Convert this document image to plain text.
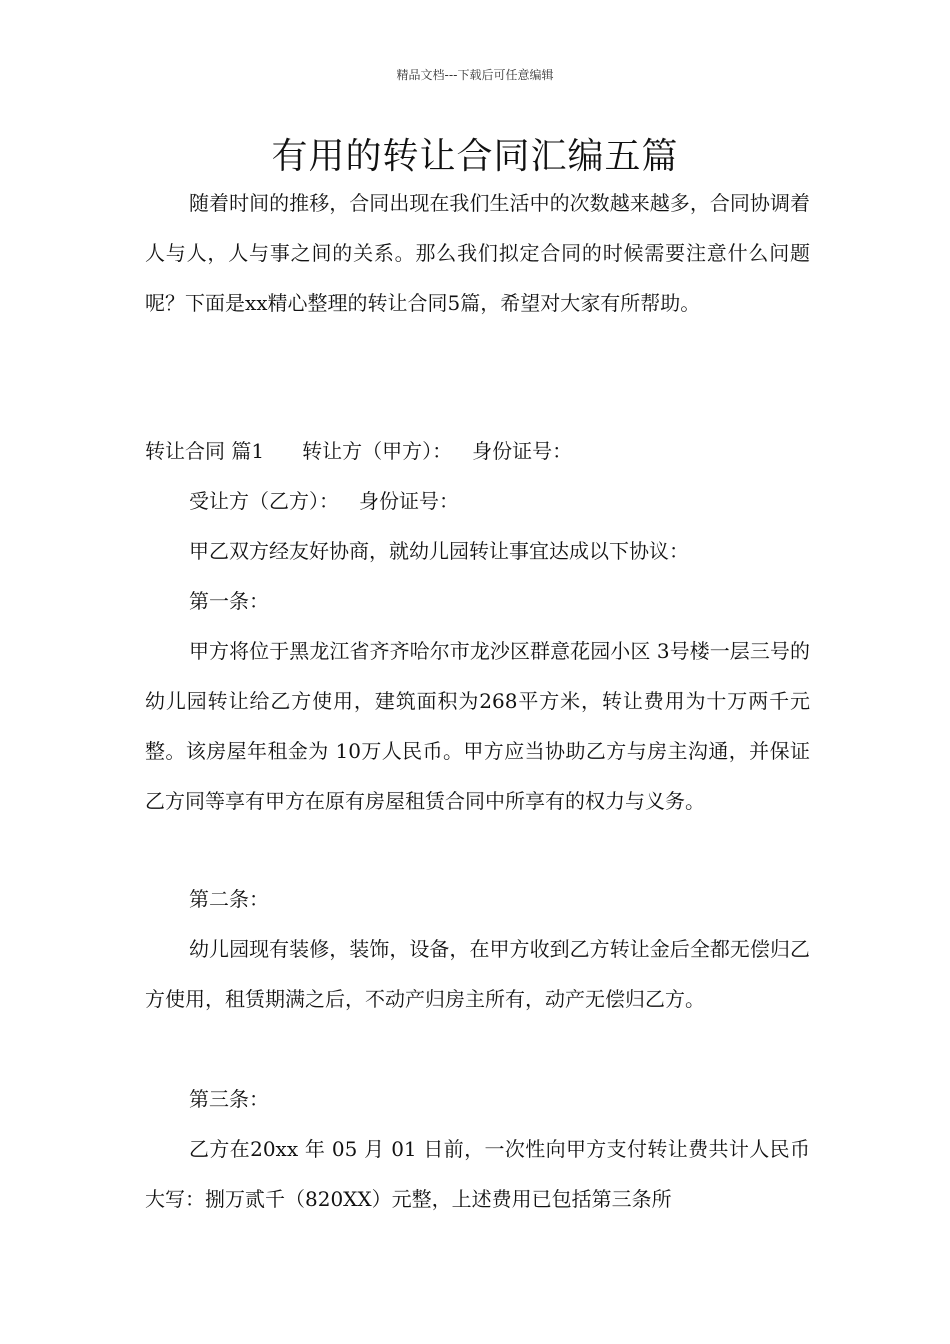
精品文档---下载后可任意编辑
有用的转让合同汇编五篇

随着时间的推移，合同出现在我们生活中的次数越来越多，合同协调着人与人，人与事之间的关系。那么我们拟定合同的时候需要注意什么问题呢？下面是xx精心整理的转让合同5篇，希望对大家有所帮助。

转让合同 篇1 转让方（甲方）： 身份证号：
受让方（乙方）： 身份证号：
甲乙双方经友好协商，就幼儿园转让事宜达成以下协议：
第一条：

甲方将位于黑龙江省齐齐哈尔市龙沙区群意花园小区 3号楼一层三号的幼儿园转让给乙方使用，建筑面积为268平方米，转让费用为十万两千元整。该房屋年租金为 10万人民币。甲方应当协助乙方与房主沟通，并保证乙方同等享有甲方在原有房屋租赁合同中所享有的权力与义务。

第二条：

幼儿园现有装修，装饰，设备，在甲方收到乙方转让金后全都无偿归乙方使用，租赁期满之后，不动产归房主所有，动产无偿归乙方。

第三条：

乙方在20xx 年 05 月 01 日前，一次性向甲方支付转让费共计人民币大写：捌万贰千（820XX）元整，上述费用已包括第三条所
